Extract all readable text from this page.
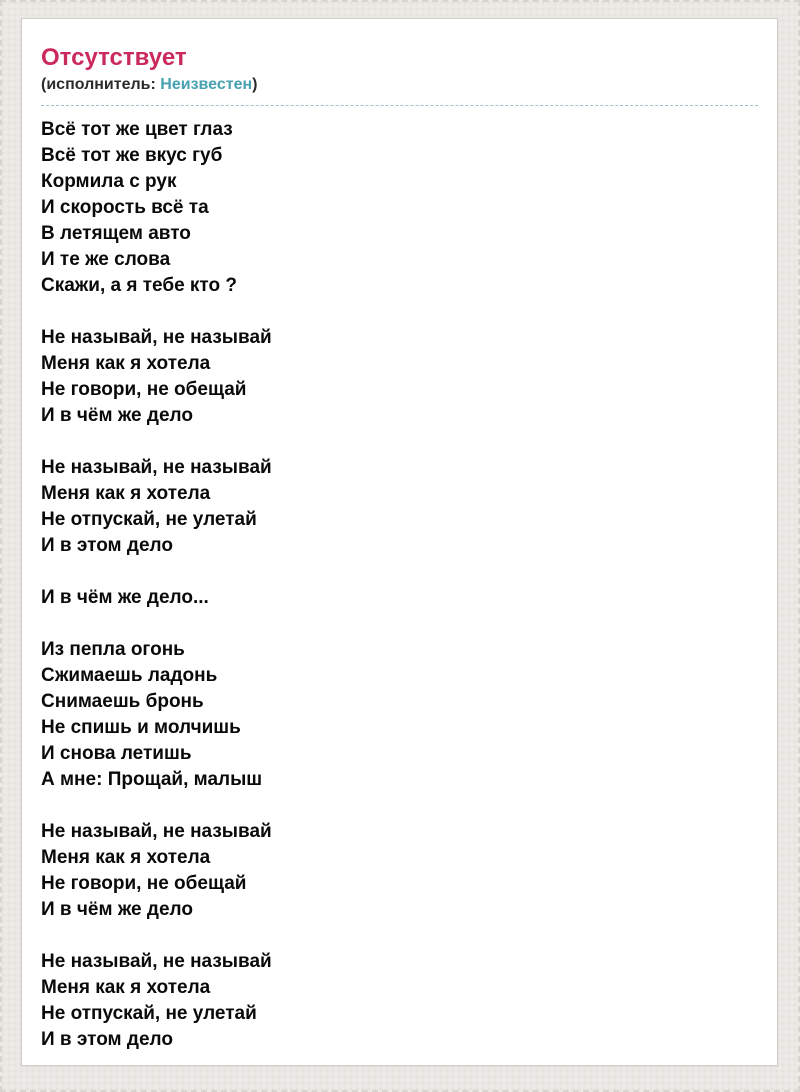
Отсутствует

(исполнитель: Неизвестен)

Всё тот же цвет глаз
Всё тот же вкус губ
Кормила с рук
И скорость всё та
В летящем авто
И те же слова
Скажи, а я тебе кто ?

Не называй, не называй
Меня как я хотела
Не говори, не обещай
И в чём же дело

Не называй, не называй
Меня как я хотела
Не отпускай, не улетай
И в этом дело

И в чём же дело...

Из пепла огонь
Сжимаешь ладонь
Снимаешь бронь
Не спишь и молчишь
И снова летишь
А мне: Прощай, малыш

Не называй, не называй
Меня как я хотела
Не говори, не обещай
И в чём же дело

Не называй, не называй
Меня как я хотела
Не отпускай, не улетай
И в этом дело
